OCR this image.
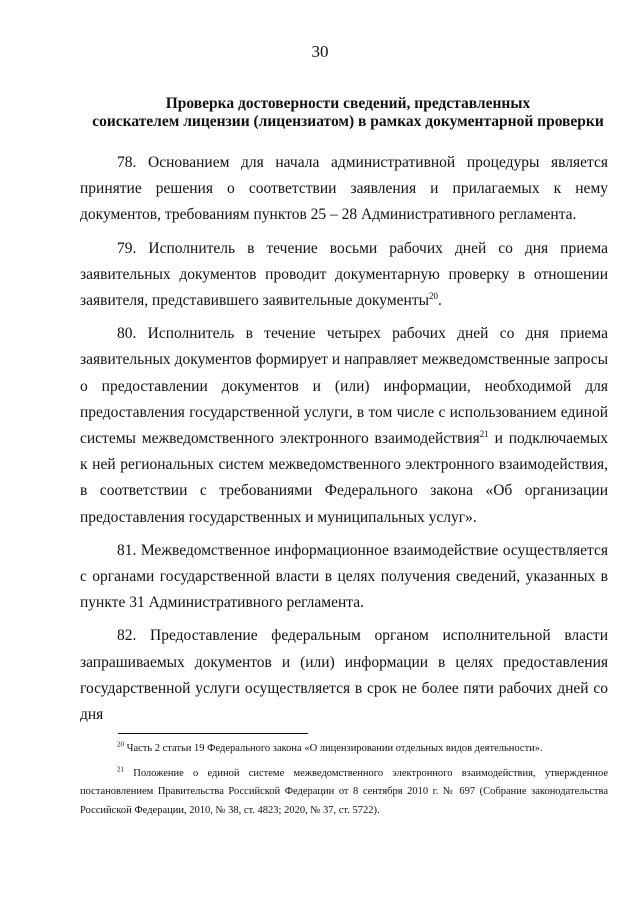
30
Проверка достоверности сведений, представленных
соискателем лицензии (лицензиатом) в рамках документарной проверки

78. Основанием для начала административной процедуры является принятие решения о соответствии заявления и прилагаемых к нему документов, требованиям пунктов 25 – 28 Административного регламента.

79. Исполнитель в течение восьми рабочих дней со дня приема заявительных документов проводит документарную проверку в отношении заявителя, представившего заявительные документы$^{20}$.

80. Исполнитель в течение четырех рабочих дней со дня приема заявительных документов формирует и направляет межведомственные запросы о предоставлении документов и (или) информации, необходимой для предоставления государственной услуги, в том числе с использованием единой системы межведомственного электронного взаимодействия$^{21}$ и подключаемых к ней региональных систем межведомственного электронного взаимодействия, в соответствии с требованиями Федерального закона «Об организации предоставления государственных и муниципальных услуг».

81. Межведомственное информационное взаимодействие осуществляется с органами государственной власти в целях получения сведений, указанных в пункте 31 Административного регламента.

82. Предоставление федеральным органом исполнительной власти запрашиваемых документов и (или) информации в целях предоставления государственной услуги осуществляется в срок не более пяти рабочих дней со дня

$^{20}$ Часть 2 статьи 19 Федерального закона «О лицензировании отдельных видов деятельности».

$^{21}$ Положение о единой системе межведомственного электронного взаимодействия, утвержденное постановлением Правительства Российской Федерации от 8 сентября 2010 г. № 697 (Собрание законодательства Российской Федерации, 2010, № 38, ст. 4823; 2020, № 37, ст. 5722).
